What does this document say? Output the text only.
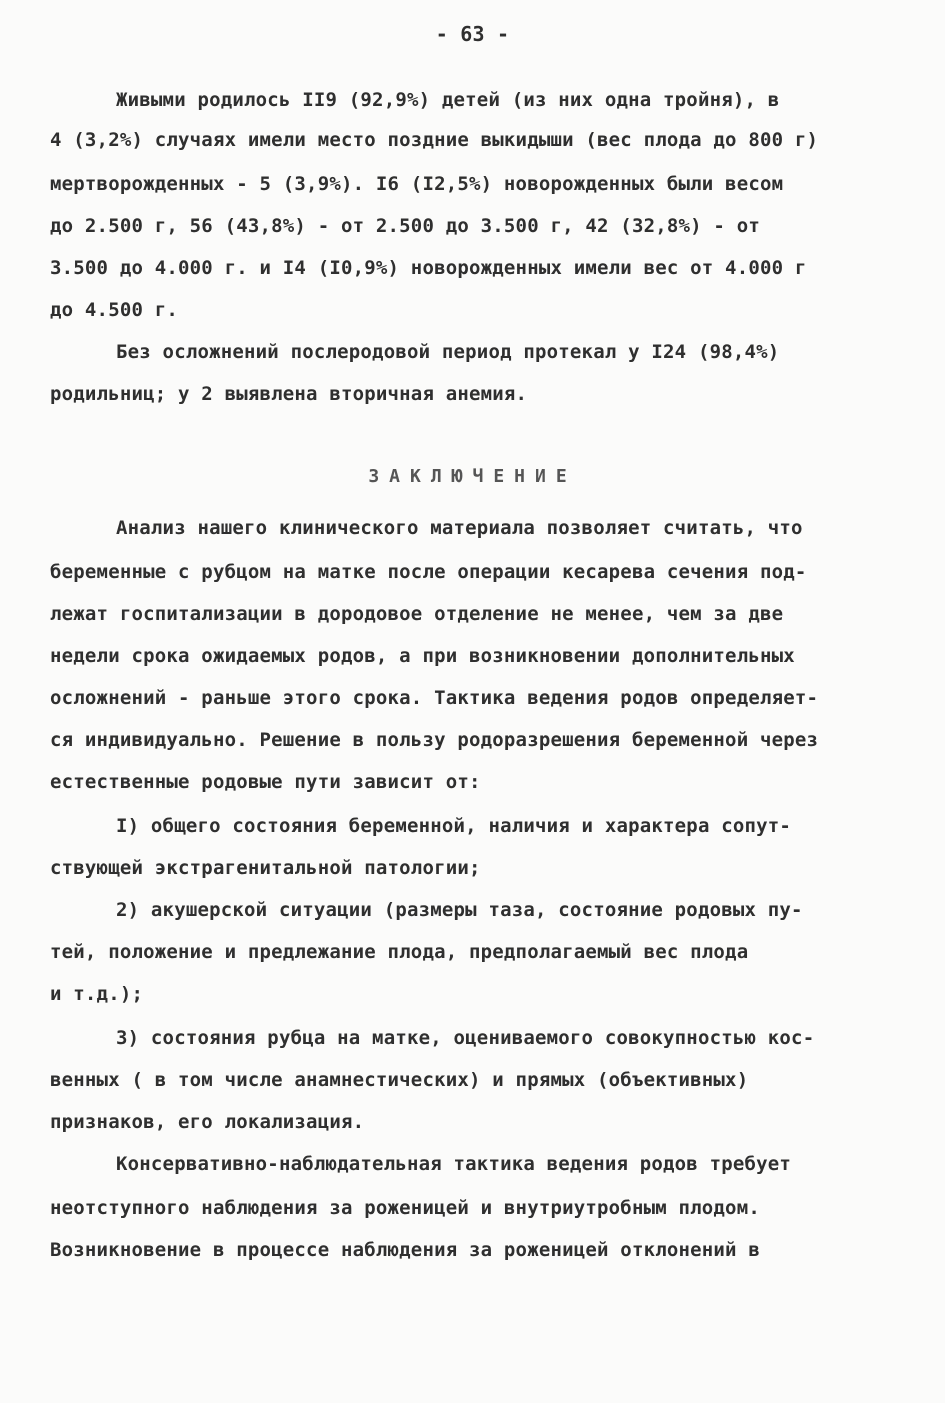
- 63 -
Живыми родилось II9 (92,9%) детей (из них одна тройня), в
4 (3,2%) случаях имели место поздние выкидыши (вес плода до 800 г)
мертворожденных - 5 (3,9%). I6 (I2,5%) новорожденных были весом
до 2.500 г, 56 (43,8%) - от 2.500 до 3.500 г, 42 (32,8%) - от
3.500 до 4.000 г. и I4 (I0,9%) новорожденных имели вес от 4.000 г
до 4.500 г.
Без осложнений послеродовой период протекал у I24 (98,4%)
родильниц; у 2 выявлена вторичная анемия.
ЗАКЛЮЧЕНИЕ
Анализ нашего клинического материала позволяет считать, что
беременные с рубцом на матке после операции кесарева сечения под-
лежат госпитализации в дородовое отделение не менее, чем за две
недели срока ожидаемых родов, а при возникновении дополнительных
осложнений - раньше этого срока. Тактика ведения родов определяет-
ся индивидуально. Решение в пользу родоразрешения беременной через
естественные родовые пути зависит от:
I) общего состояния беременной, наличия и характера сопут-
ствующей экстрагенитальной патологии;
2) акушерской ситуации (размеры таза, состояние родовых пу-
тей, положение и предлежание плода, предполагаемый вес плода
и т.д.);
3) состояния рубца на матке, оцениваемого совокупностью кос-
венных ( в том числе анамнестических) и прямых (объективных)
признаков, его локализация.
Консервативно-наблюдательная тактика ведения родов требует
неотступного наблюдения за роженицей и внутриутробным плодом.
Возникновение в процессе наблюдения за роженицей отклонений в
